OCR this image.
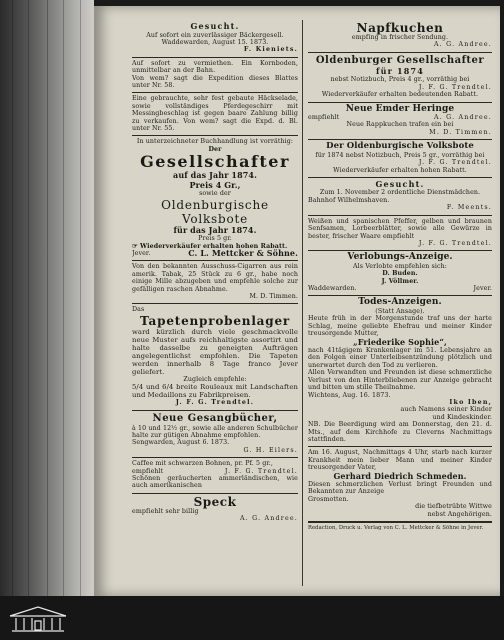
Gesucht.
Auf sofort ein zuverlässiger Bäckergesell.
Waddewarden, August 15. 1873.
F. Kieniets.
Auf sofort zu vermiethen. Ein Kornboden, unmittelbar an der Bahn.
Von wem? sagt die Expedition dieses Blattes unter Nr. 58.
Eine gebrauchte, sehr fest gebaute Häckselade, sowie vollständiges Pferdegeschirr mit Messingbeschlag ist gegen baare Zahlung billig zu verkaufen. Von wem? sagt die Expd. d. Bl. unter Nr. 55.
In unterzeichneter Buchhandlung ist vorräthig:
Der
Gesellschafter
auf das Jahr 1874.
Preis 4 Gr.,
sowie der
Oldenburgische Volksbote
für das Jahr 1874.
Preis 5 gr.
☞ Wiederverkäufer erhalten hohen Rabatt.
Jever.	C. L. Mettcker & Söhne.
Von den bekannten Ausschuss-Cigarren aus rein amerik. Tabak, 25 Stück zu 6 gr., habe noch einige Mille abzugeben und empfehle solche zur gefälligen raschen Abnahme.
M. D. Timmen.
Das
Tapetenprobenlager
ward kürzlich durch viele geschmackvolle neue Muster aufs reichhaltigste assortirt und halte dasselbe zu geneigten Aufträgen angelegentlichst empfohlen. Die Tapeten werden innerhalb 8 Tage franco Jever geliefert.
Zugleich empfehle:
5/4 und 6/4 breite Rouleaux mit Landschaften und Medaillons zu Fabrikpreisen.
J. F. G. Trendtel.
Neue Gesangbücher,
à 10 und 12½ gr., sowie alle anderen Schulbücher halte zur gütigen Abnahme empfohlen.
Sengwarden, August 6. 1873.
G. H. Eilers.
Caffee mit schwarzen Bohnen, pr. Pf. 5 gr.,
empfiehlt	J. F. G. Trendtel.
Schönen geräucherten ammerländischen, wie auch amerikanischen
Speck
empfiehlt sehr billig
A. G. Andree.
Napfkuchen
empfing in frischer Sendung.
A. G. Andree.
Oldenburger Gesellschafter
für 1874
nebst Notizbuch, Preis 4 gr., vorräthig bei
J. F. G. Trendtel.
Wiederverkäufer erhalten bedeutenden Rabatt.
Neue Emder Heringe
empfiehlt	A. G. Andree.
Neue Rappkuchen trafen ein bei
M. D. Timmen.
Der Oldenburgische Volksbote
für 1874 nebst Notizbuch, Preis 5 gr., vorräthig bei
J. F. G. Trendtel.
Wiederverkäufer erhalten hohen Rabatt.
Gesucht.
Zum 1. November 2 ordentliche Dienstmädchen.
Bahnhof Wilhelmshaven.
F. Meents.
Weißen und spanischen Pfeffer, gelben und braunen Senfsamen, Lorbeerblätter, sowie alle Gewürze in bester, frischer Waare empfiehlt
J. F. G. Trendtel.
Verlobungs-Anzeige.
Als Verlobte empfehlen sich:
D. Buden.
J. Völlmer.
Waddewarden.	Jever.
Todes-Anzeigen.
(Statt Ansage).
Heute früh in der Morgenstunde traf uns der harte Schlag, meine geliebte Ehefrau und meiner Kinder treusorgende Mutter,
„Friederike Sophie“,
nach 41tägigem Krankenlager im 51. Lebensjahre an den Folgen einer Unterleibsentzündung plötzlich und unerwartet durch den Tod zu verlieren.
Allen Verwandten und Freunden ist diese schmerzliche Verlust von den Hinterbliebenen zur Anzeige gebracht und bitten um stille Theilnahme.
Wichtens, Aug. 16. 1873.
Iko Iben,
auch Namens seiner Kinder
und Kindeskinder.
NB. Die Beerdigung wird am Donnerstag, den 21. d. Mts., auf dem Kirchhofe zu Cleverns Nachmittags stattfinden.
Am 16. August, Nachmittags 4 Uhr, starb nach kurzer Krankheit mein lieber Mann und meiner Kinder treusorgender Vater,
Gerhard Diedrich Schmeden.
Diesen schmerzlichen Verlust bringt Freunden und Bekannten zur Anzeige
Grosmotten.
die tiefbetrübte Wittwe
nebst Angehörigen.
Redaction, Druck u. Verlag von C. L. Mettcker & Söhne in Jever.
